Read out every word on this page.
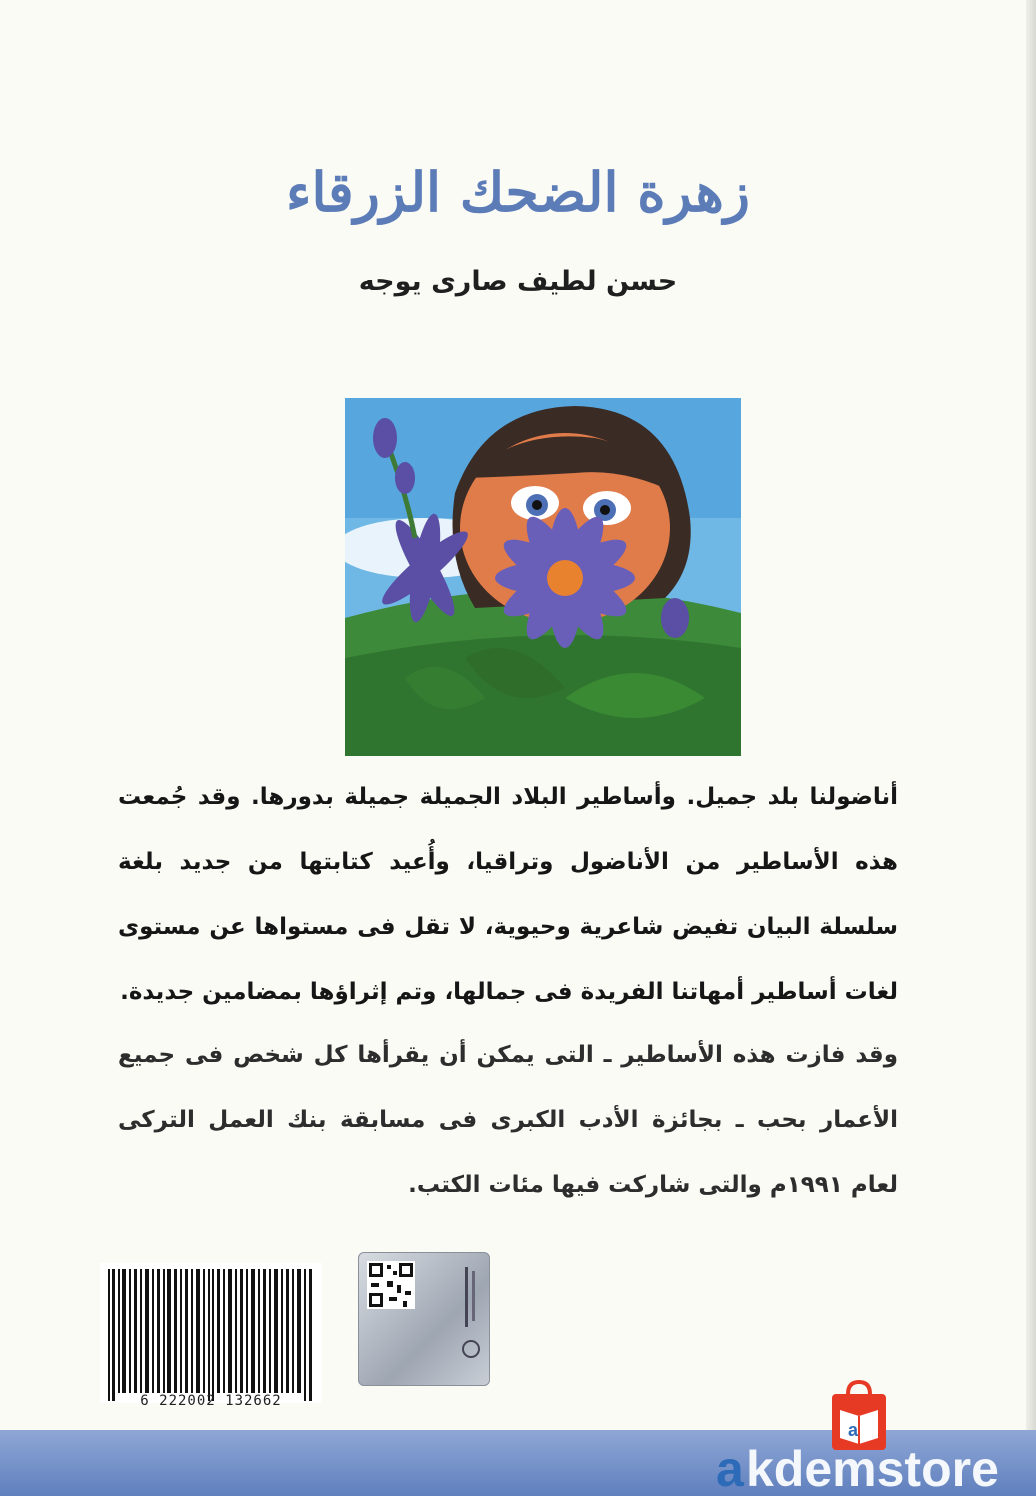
زهرة الضحك الزرقاء
حسن لطيف صارى يوجه
أناضولنا بلد جميل. وأساطير البلاد الجميلة جميلة بدورها. وقد جُمعت هذه الأساطير من الأناضول وتراقيا، وأُعيد كتابتها من جديد بلغة سلسلة البيان تفيض شاعرية وحيوية، لا تقل فى مستواها عن مستوى لغات أساطير أمهاتنا الفريدة فى جمالها، وتم إثراؤها بمضامين جديدة.
وقد فازت هذه الأساطير ـ التى يمكن أن يقرأها كل شخص فى جميع الأعمار بحب ـ بجائزة الأدب الكبرى فى مسابقة بنك العمل التركى لعام ١٩٩١م والتى شاركت فيها مئات الكتب.
6 222002 132662
a
a kdemstore
